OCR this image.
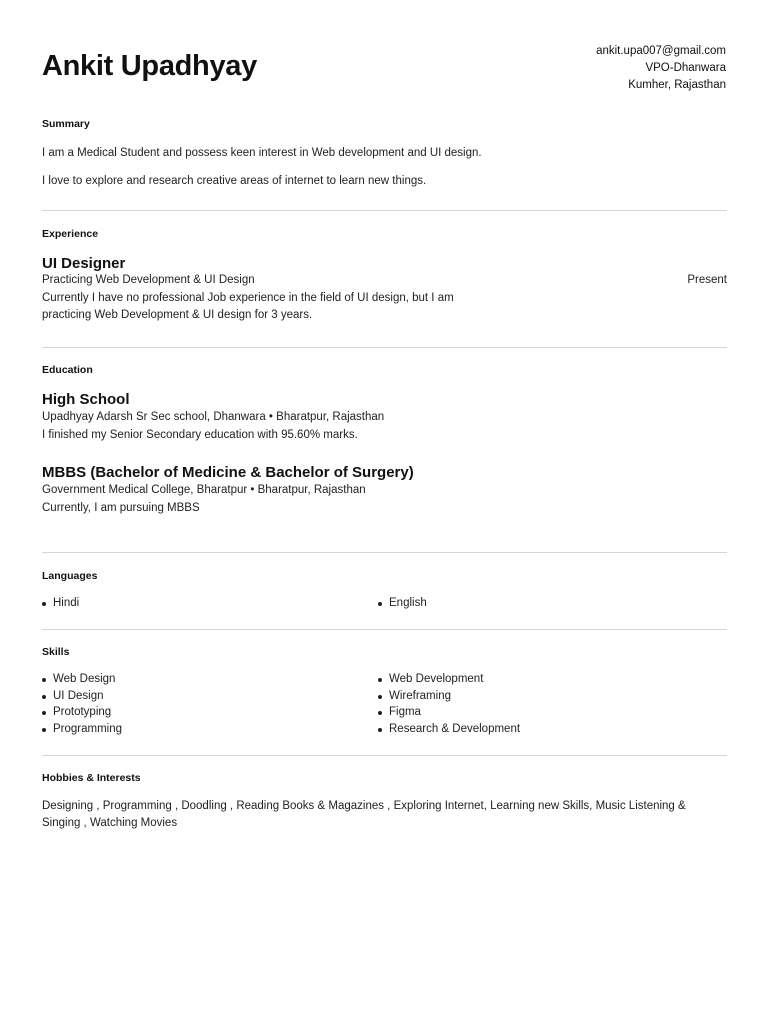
Ankit Upadhyay	ankit.upa007@gmail.com
VPO-Dhanwara
Kumher, Rajasthan
Summary

I am a Medical Student and possess keen interest in Web development and UI design.

I love to explore and research creative areas of internet to learn new things.

Experience

UI Designer

Practicing Web Development & UI Design	Present

Currently I have no professional Job experience in the field of UI design, but I am

practicing Web Development & UI design for 3 years.

Education

High School

Upadhyay Adarsh Sr Sec school, Dhanwara • Bharatpur, Rajasthan

I finished my Senior Secondary education with 95.60% marks.

MBBS (Bachelor of Medicine & Bachelor of Surgery)

Government Medical College, Bharatpur • Bharatpur, Rajasthan

Currently, I am pursuing MBBS

Languages
Hindi	English
Skills
Web Design
UI Design
Prototyping
Programming
Web Development
Wireframing
Figma
Research & Development
Hobbies & Interests

Designing , Programming , Doodling , Reading Books & Magazines , Exploring Internet, Learning new Skills, Music Listening &

Singing , Watching Movies
